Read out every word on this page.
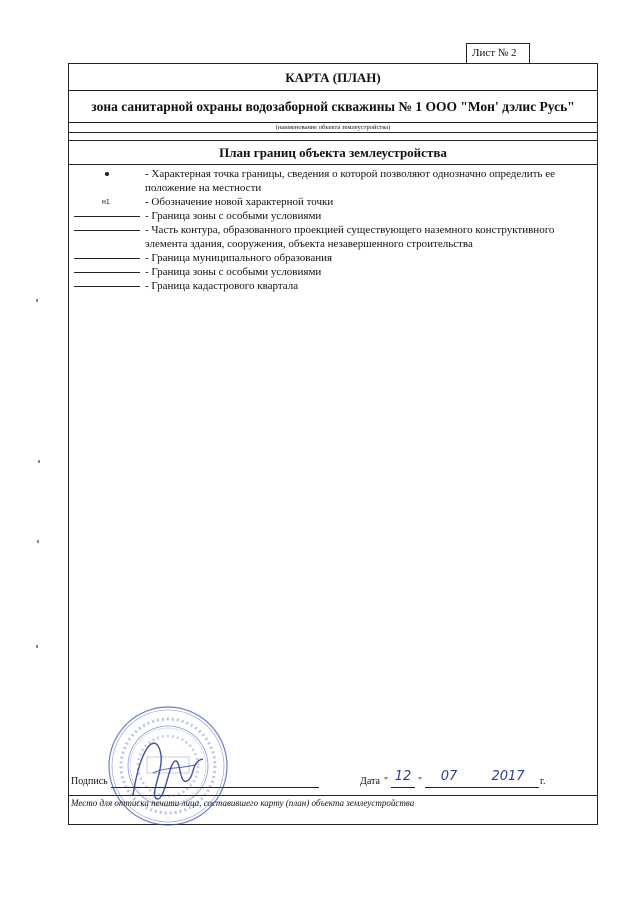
Лист № 2
КАРТА (ПЛАН)
зона санитарной охраны водозаборной скважины № 1 ООО "Мон' дэлис Русь"
(наименование объекта землеустройства)
План границ объекта землеустройства
- Характерная точка границы, сведения о которой позволяют однозначно определить ее положение на местности
н1	- Обозначение новой характерной точки
- Граница зоны с особыми условиями
- Часть контура, образованного проекцией существующего наземного конструктивного элемента здания, сооружения, объекта незавершенного строительства
- Граница муниципального образования
- Граница зоны с особыми условиями
- Граница кадастрового квартала
Подпись	Дата " 12 "	07	2017	г.
Место для оттиска печати лица, составившего карту (план) объекта землеустройства
